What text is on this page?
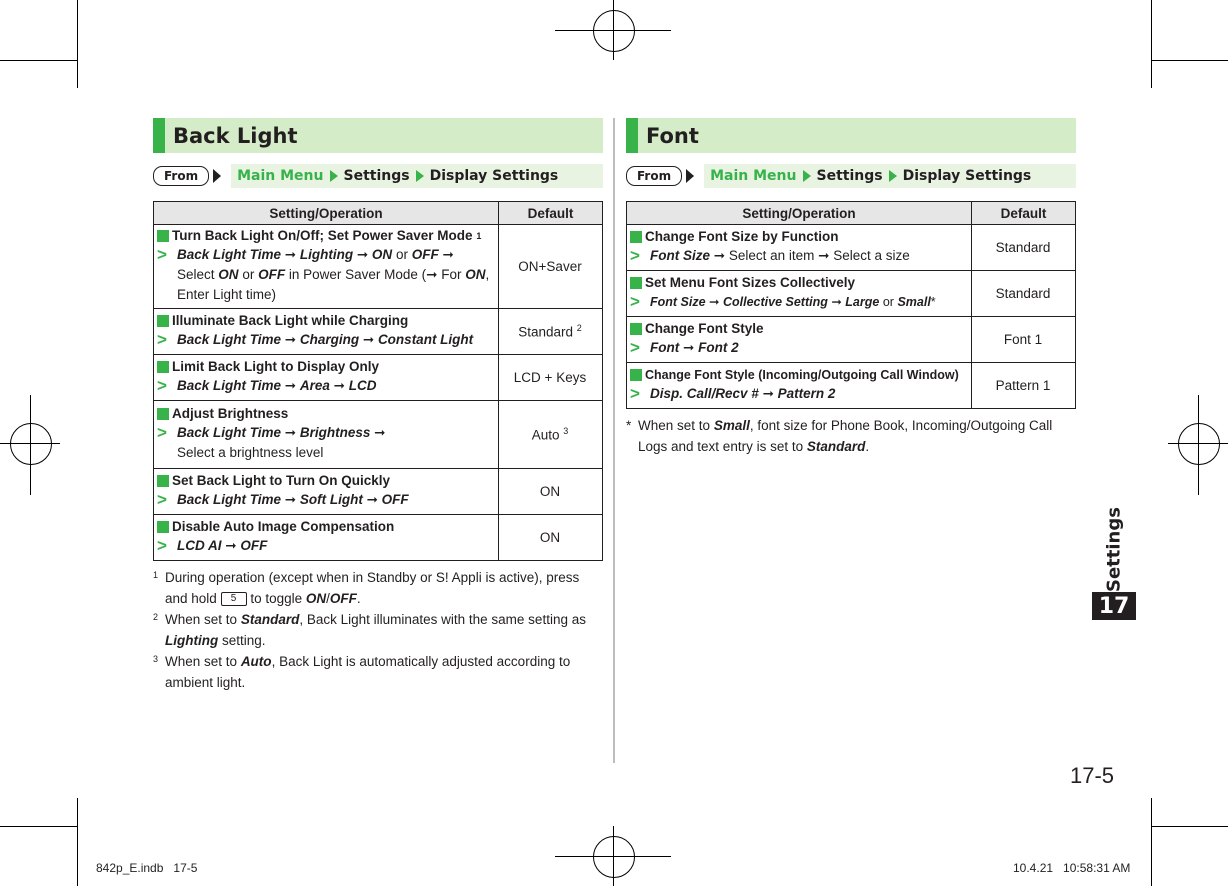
Back Light
From	Main Menu Settings Display Settings
Setting/Operation	Default

Turn Back Light On/Off; Set Power Saver Mode
1
> Back Light Time ➞ Lighting ➞ ON or OFF ➞
Select ON or OFF in Power Saver Mode (➞ For ON, Enter Light time)	ON+Saver

Illuminate Back Light while Charging
> Back Light Time ➞ Charging ➞ Constant Light	Standard $^2$

Limit Back Light to Display Only
> Back Light Time ➞ Area ➞ LCD	LCD + Keys

Adjust Brightness
> Back Light Time ➞ Brightness ➞
Select a brightness level	Auto $^3$

Set Back Light to Turn On Quickly
> Back Light Time ➞ Soft Light ➞ OFF	ON

Disable Auto Image Compensation
> LCD AI ➞ OFF	ON
1 During operation (except when in Standby or S! Appli is active), press and hold 5 to toggle ON/OFF.
2 When set to Standard, Back Light illuminates with the same setting as Lighting setting.
3 When set to Auto, Back Light is automatically adjusted according to ambient light.
Font
From	Main Menu Settings Display Settings
Setting/Operation	Default

Change Font Size by Function
> Font Size ➞ Select an item ➞ Select a size	Standard

Set Menu Font Sizes Collectively
> Font Size ➞ Collective Setting ➞ Large or Small*	Standard

Change Font Style
> Font ➞ Font 2	Font 1

Change Font Style (Incoming/Outgoing Call Window)
> Disp. Call/Recv # ➞ Pattern 2	Pattern 1
* When set to Small, font size for Phone Book, Incoming/Outgoing Call Logs and text entry is set to Standard.
Settings
17
17-5
842p_E.indb   17-5	10.4.21   10:58:31 AM
